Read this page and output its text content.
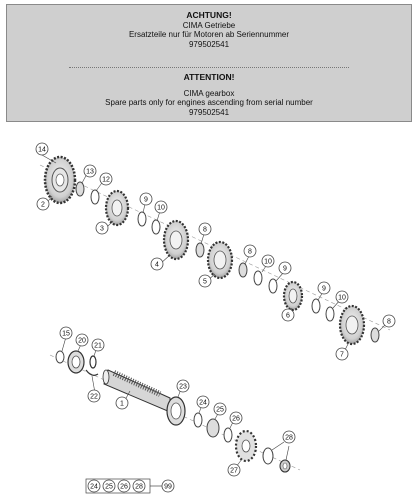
ACHTUNG!
CIMA Getriebe
Ersatzteile nur für Motoren ab Seriennummer
979502541
ATTENTION!
CIMA gearbox
Spare parts only for engines ascending from serial number
979502541
14
13
12
2
3
9
10
8
4
5
8
10
9
6
9
10
8
7
15
20
21
22
1
23
24
25
26
28
27
24 25 26 28	99
